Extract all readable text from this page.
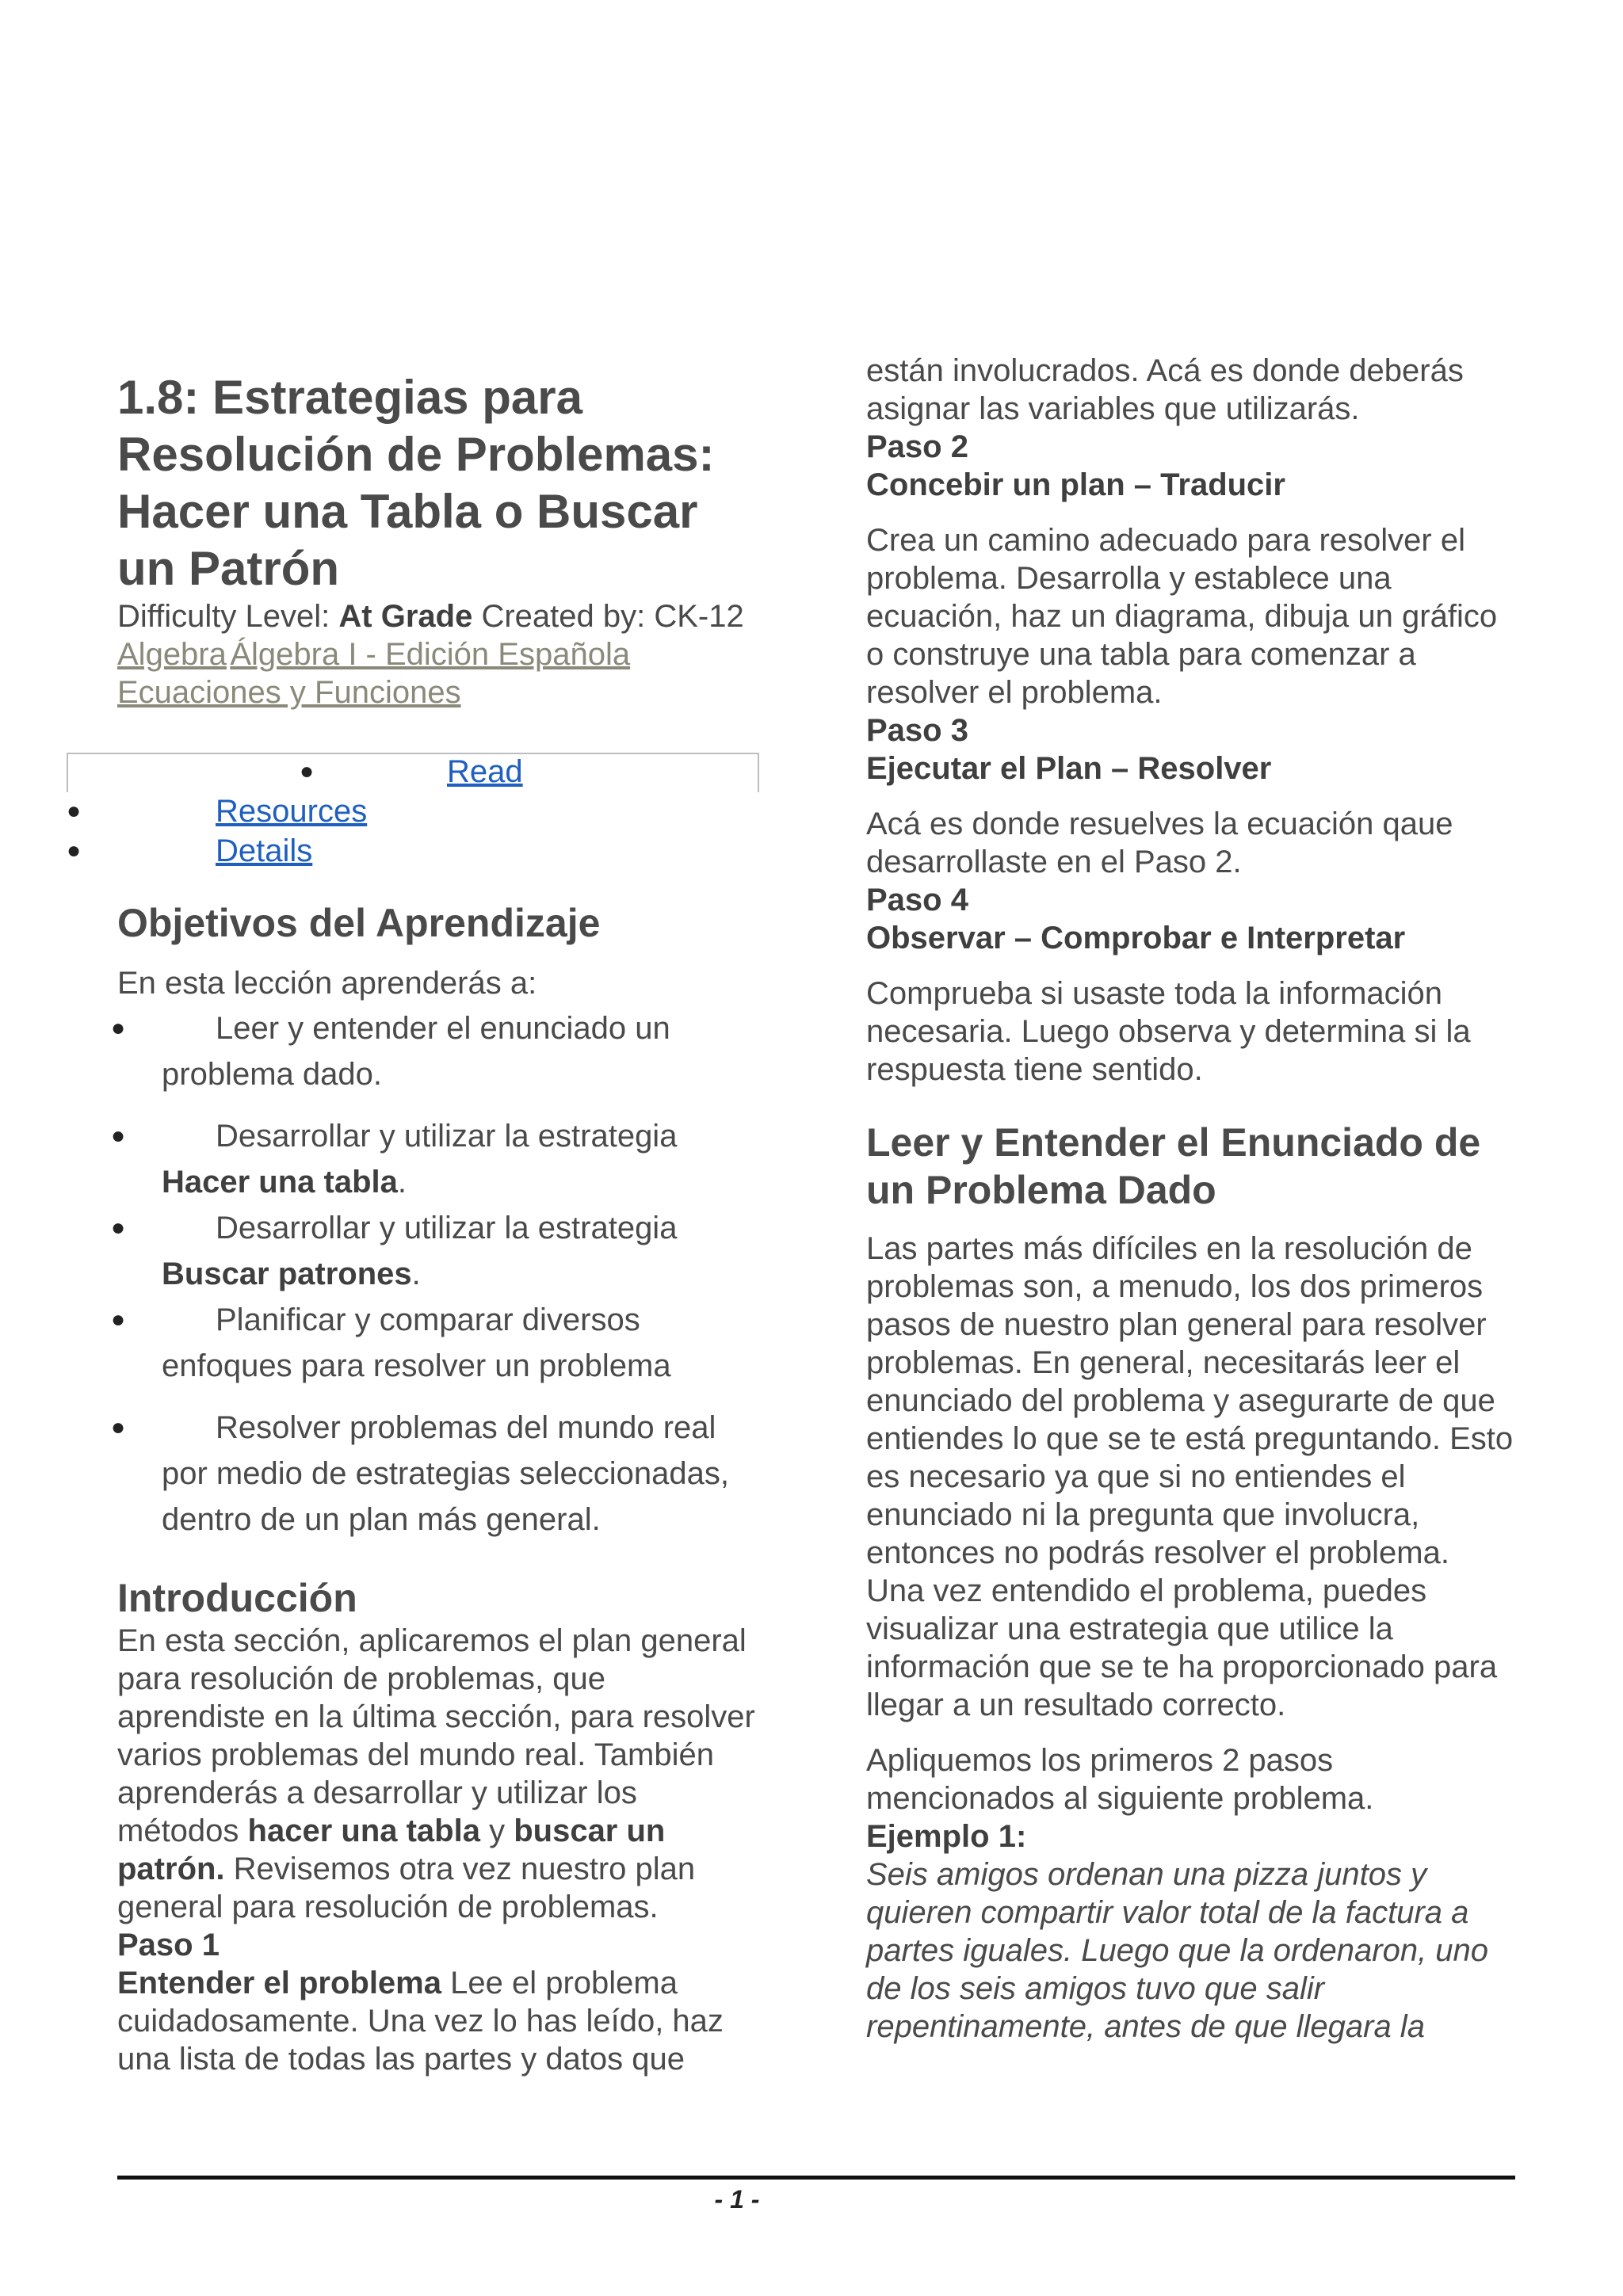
1.8: Estrategias para Resolución de Problemas: Hacer una Tabla o Buscar un Patrón
Difficulty Level: At Grade Created by: CK-12
Algebra Álgebra I - Edición Española Ecuaciones y Funciones
●	Read
●	Resources
●	Details
Objetivos del Aprendizaje

En esta lección aprenderás a:

●	Leer y entender el enunciado un problema dado.
●	Desarrollar y utilizar la estrategia Hacer una tabla.
●	Desarrollar y utilizar la estrategia Buscar patrones.
●	Planificar y comparar diversos enfoques para resolver un problema
●	Resolver problemas del mundo real por medio de estrategias seleccionadas, dentro de un plan más general.
Introducción

En esta sección, aplicaremos el plan general para resolución de problemas, que aprendiste en la última sección, para resolver varios problemas del mundo real. También aprenderás a desarrollar y utilizar los métodos hacer una tabla y buscar un patrón. Revisemos otra vez nuestro plan general para resolución de problemas.

Paso 1

Entender el problema Lee el problema cuidadosamente. Una vez lo has leído, haz una lista de todas las partes y datos que

están involucrados. Acá es donde deberás asignar las variables que utilizarás.

Paso 2

Concebir un plan – Traducir

Crea un camino adecuado para resolver el problema. Desarrolla y establece una ecuación, haz un diagrama, dibuja un gráfico o construye una tabla para comenzar a resolver el problema.

Paso 3

Ejecutar el Plan – Resolver

Acá es donde resuelves la ecuación qaue desarrollaste en el Paso 2.

Paso 4

Observar – Comprobar e Interpretar

Comprueba si usaste toda la información necesaria. Luego observa y determina si la respuesta tiene sentido.

Leer y Entender el Enunciado de un Problema Dado

Las partes más difíciles en la resolución de problemas son, a menudo, los dos primeros pasos de nuestro plan general para resolver problemas. En general, necesitarás leer el enunciado del problema y asegurarte de que entiendes lo que se te está preguntando. Esto es necesario ya que si no entiendes el enunciado ni la pregunta que involucra, entonces no podrás resolver el problema. Una vez entendido el problema, puedes visualizar una estrategia que utilice la información que se te ha proporcionado para llegar a un resultado correcto.

Apliquemos los primeros 2 pasos mencionados al siguiente problema.

Ejemplo 1:

Seis amigos ordenan una pizza juntos y quieren compartir valor total de la factura a partes iguales. Luego que la ordenaron, uno de los seis amigos tuvo que salir repentinamente, antes de que llegara la

- 1 -
